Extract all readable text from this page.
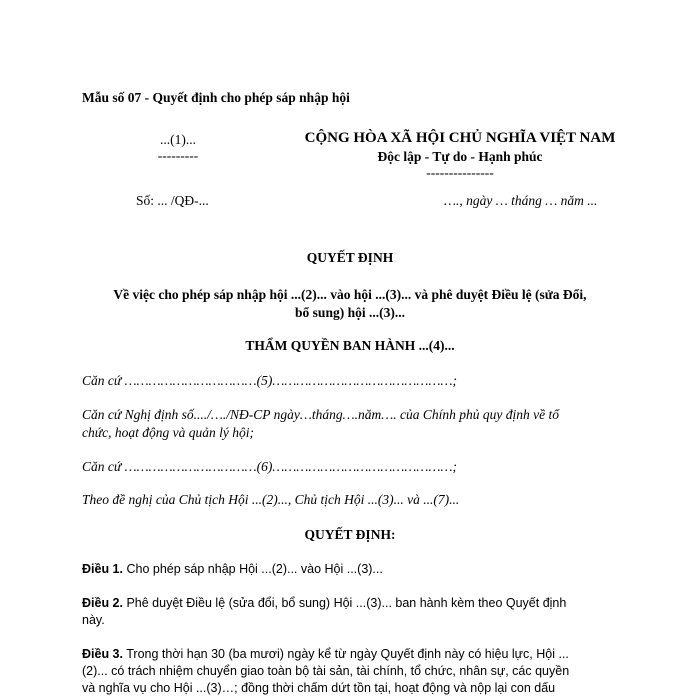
Mẫu số 07 - Quyết định cho phép sáp nhập hội
...(1)...
---------
CỘNG HÒA XÃ HỘI CHỦ NGHĨA VIỆT NAM
Độc lập - Tự do - Hạnh phúc
---------------
Số: ... /QĐ-...	…., ngày … tháng … năm ...
QUYẾT ĐỊNH
Về việc cho phép sáp nhập hội ...(2)... vào hội ...(3)... và phê duyệt Điều lệ (sửa Đổi,
bổ sung) hội ...(3)...
THẨM QUYỀN BAN HÀNH ...(4)...
Căn cứ ……………………………(5)………………………………………;
Căn cứ Nghị định số..../…./NĐ-CP ngày…tháng….năm…. của Chính phủ quy định về tổ
chức, hoạt động và quản lý hội;
Căn cứ ……………………………(6)………………………………………;
Theo đề nghị của Chủ tịch Hội ...(2)..., Chủ tịch Hội ...(3)... và ...(7)...
QUYẾT ĐỊNH:
Điều 1. Cho phép sáp nhập Hội ...(2)... vào Hội ...(3)...
Điều 2. Phê duyệt Điều lệ (sửa đổi, bổ sung) Hội ...(3)... ban hành kèm theo Quyết định
này.
Điều 3. Trong thời hạn 30 (ba mươi) ngày kể từ ngày Quyết định này có hiệu lực, Hội ...
(2)... có trách nhiệm chuyển giao toàn bộ tài sản, tài chính, tổ chức, nhân sự, các quyền
và nghĩa vụ cho Hội ...(3)…; đồng thời chấm dứt tồn tại, hoạt động và nộp lại con dấu
